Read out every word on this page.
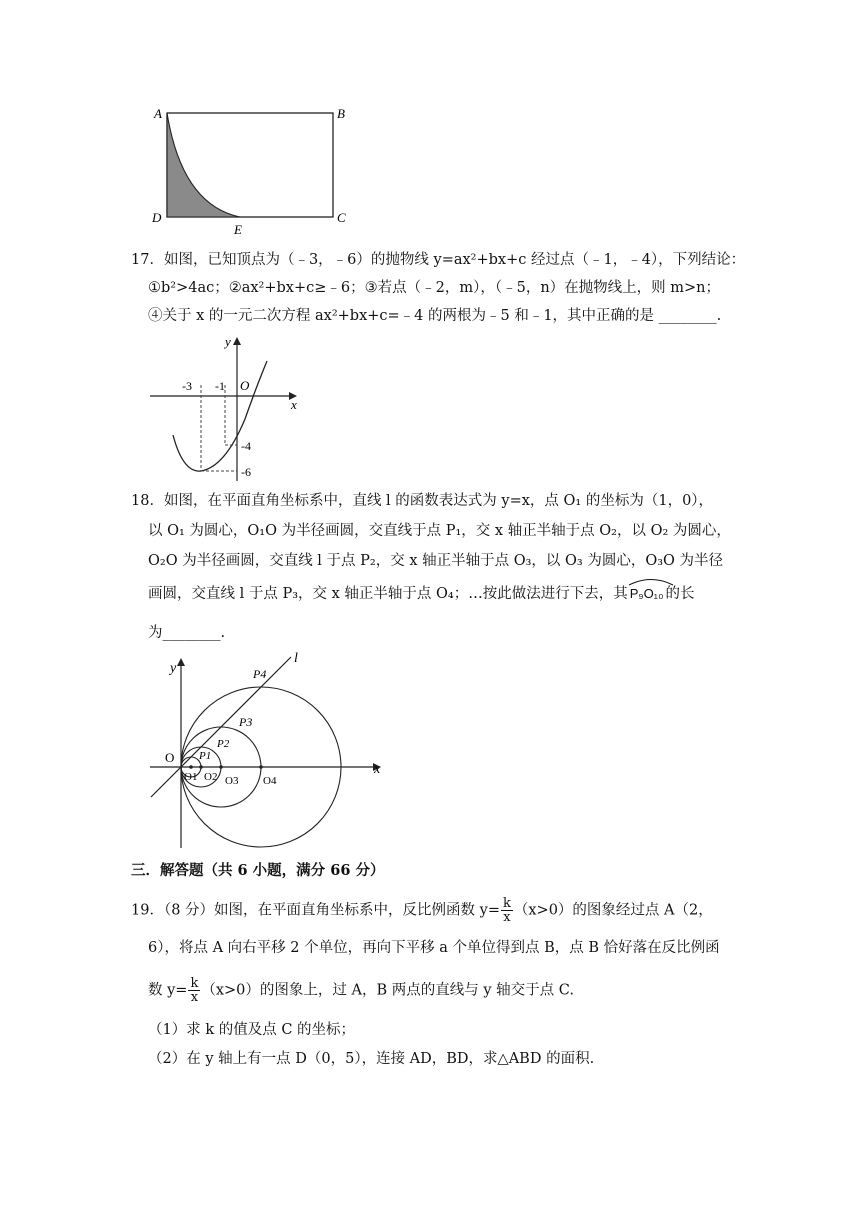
A	B
C
D
E
17．如图，已知顶点为（﹣3，﹣6）的抛物线 y=ax²+bx+c 经过点（﹣1，﹣4），下列结论：
①b²>4ac；②ax²+bx+c≥﹣6；③若点（﹣2，m），（﹣5，n）在抛物线上，则 m>n；
④关于 x 的一元二次方程 ax²+bx+c=﹣4 的两根为﹣5 和﹣1，其中正确的是 ________.
y
x
O
-3 -1
-4
-6
18．如图，在平面直角坐标系中，直线 l 的函数表达式为 y=x，点 O₁ 的坐标为（1，0），
以 O₁ 为圆心，O₁O 为半径画圆，交直线于点 P₁，交 x 轴正半轴于点 O₂，以 O₂ 为圆心，
O₂O 为半径画圆，交直线 l 于点 P₂，交 x 轴正半轴于点 O₃，以 O₃ 为圆心，O₃O 为半径
画圆，交直线 l 于点 P₃，交 x 轴正半轴于点 O₄；…按此做法进行下去，其 P₉O₁₀ 的长
为________.
y
x
l
O P1
P2
P3
P4
O1 O2 O3 O4
三．解答题（共 6 小题，满分 66 分）
19．（8 分）如图，在平面直角坐标系中，反比例函数 $y= \frac{k}{x} (x>0)$的图象经过点 A（2，
6），将点 A 向右平移 2 个单位，再向下平移 a 个单位得到点 B，点 B 恰好落在反比例函
数 $y= \frac{k}{x} (x>0)$的图象上，过 A，B 两点的直线与 y 轴交于点 C.
（1）求 k 的值及点 C 的坐标；
（2）在 y 轴上有一点 D（0，5），连接 AD，BD，求△ABD 的面积.
